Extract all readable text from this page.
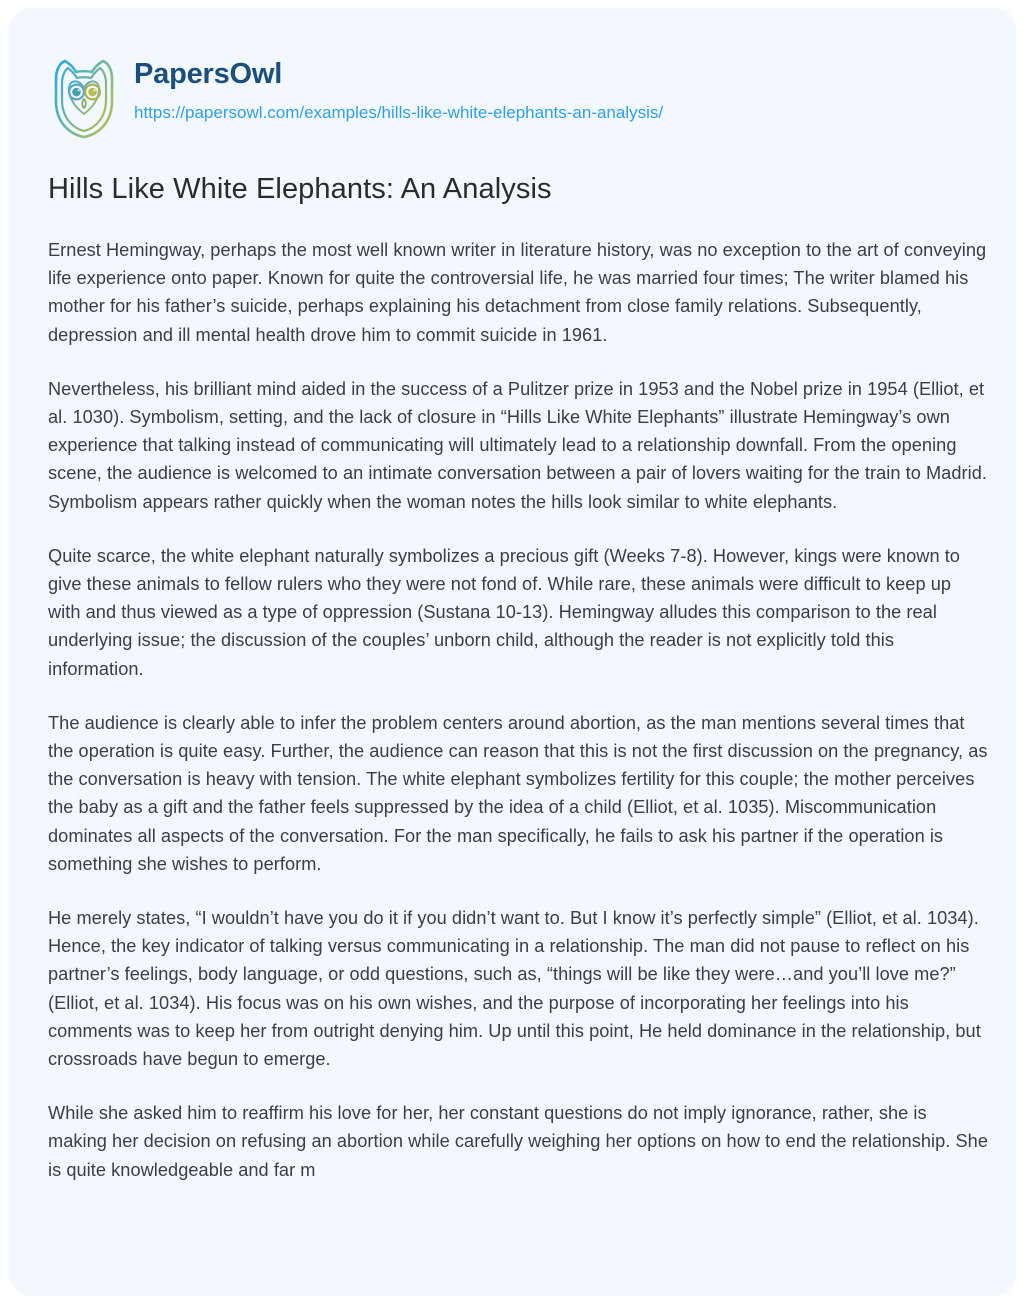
PapersOwl
https://papersowl.com/examples/hills-like-white-elephants-an-analysis/
Hills Like White Elephants: An Analysis

Ernest Hemingway, perhaps the most well known writer in literature history, was no exception to the art of conveying life experience onto paper. Known for quite the controversial life, he was married four times; The writer blamed his mother for his father’s suicide, perhaps explaining his detachment from close family relations. Subsequently, depression and ill mental health drove him to commit suicide in 1961.

Nevertheless, his brilliant mind aided in the success of a Pulitzer prize in 1953 and the Nobel prize in 1954 (Elliot, et al. 1030). Symbolism, setting, and the lack of closure in “Hills Like White Elephants” illustrate Hemingway’s own experience that talking instead of communicating will ultimately lead to a relationship downfall. From the opening scene, the audience is welcomed to an intimate conversation between a pair of lovers waiting for the train to Madrid. Symbolism appears rather quickly when the woman notes the hills look similar to white elephants.

Quite scarce, the white elephant naturally symbolizes a precious gift (Weeks 7-8). However, kings were known to give these animals to fellow rulers who they were not fond of. While rare, these animals were difficult to keep up with and thus viewed as a type of oppression (Sustana 10-13). Hemingway alludes this comparison to the real underlying issue; the discussion of the couples’ unborn child, although the reader is not explicitly told this information.

The audience is clearly able to infer the problem centers around abortion, as the man mentions several times that the operation is quite easy. Further, the audience can reason that this is not the first discussion on the pregnancy, as the conversation is heavy with tension. The white elephant symbolizes fertility for this couple; the mother perceives the baby as a gift and the father feels suppressed by the idea of a child (Elliot, et al. 1035). Miscommunication dominates all aspects of the conversation. For the man specifically, he fails to ask his partner if the operation is something she wishes to perform.

He merely states, “I wouldn’t have you do it if you didn’t want to. But I know it’s perfectly simple” (Elliot, et al. 1034). Hence, the key indicator of talking versus communicating in a relationship. The man did not pause to reflect on his partner’s feelings, body language, or odd questions, such as, “things will be like they were…and you’ll love me?” (Elliot, et al. 1034). His focus was on his own wishes, and the purpose of incorporating her feelings into his comments was to keep her from outright denying him. Up until this point, He held dominance in the relationship, but crossroads have begun to emerge.

While she asked him to reaffirm his love for her, her constant questions do not imply ignorance, rather, she is making her decision on refusing an abortion while carefully weighing her options on how to end the relationship. She is quite knowledgeable and far m
